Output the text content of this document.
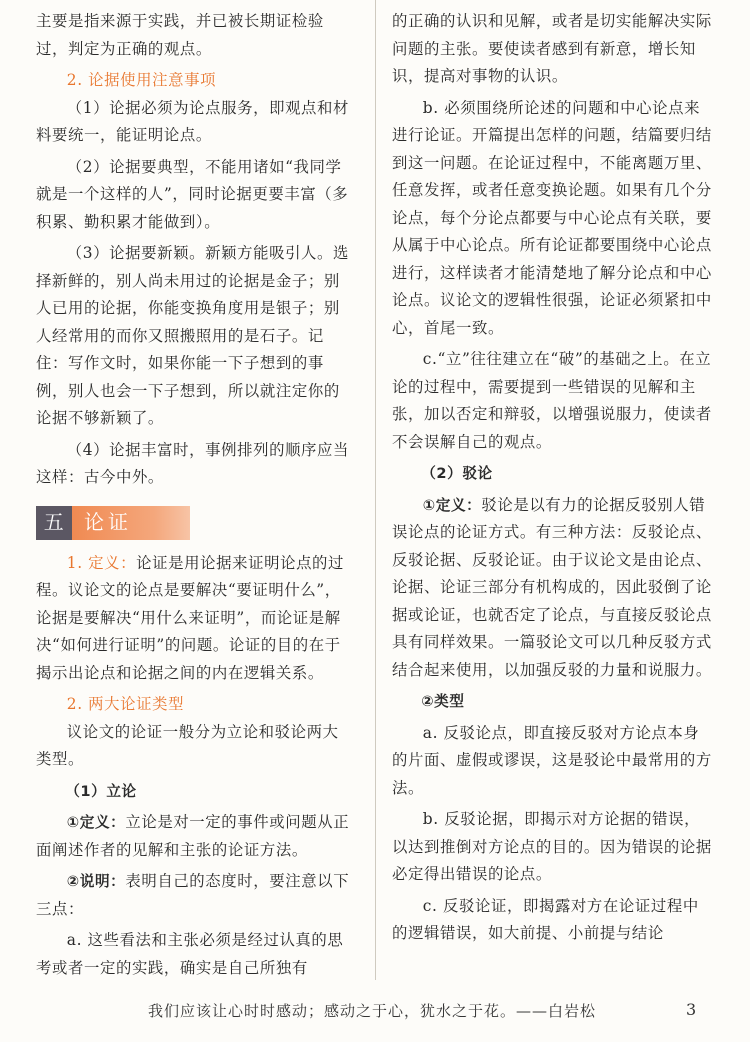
主要是指来源于实践，并已被长期证检验过，判定为正确的观点。

2. 论据使用注意事项

（1）论据必须为论点服务，即观点和材料要统一，能证明论点。

（2）论据要典型，不能用诸如“我同学就是一个这样的人”，同时论据更要丰富（多积累、勤积累才能做到）。

（3）论据要新颖。新颖方能吸引人。选择新鲜的，别人尚未用过的论据是金子；别人已用的论据，你能变换角度用是银子；别人经常用的而你又照搬照用的是石子。记住：写作文时，如果你能一下子想到的事例，别人也会一下子想到，所以就注定你的论据不够新颖了。

（4）论据丰富时，事例排列的顺序应当这样：古今中外。

五 论证

1. 定义：论证是用论据来证明论点的过程。议论文的论点是要解决“要证明什么”，论据是要解决“用什么来证明”，而论证是解决“如何进行证明”的问题。论证的目的在于揭示出论点和论据之间的内在逻辑关系。

2. 两大论证类型

议论文的论证一般分为立论和驳论两大类型。

（1）立论

①定义：立论是对一定的事件或问题从正面阐述作者的见解和主张的论证方法。

②说明：表明自己的态度时，要注意以下三点：

a. 这些看法和主张必须是经过认真的思考或者一定的实践，确实是自己所独有

的正确的认识和见解，或者是切实能解决实际问题的主张。要使读者感到有新意，增长知识，提高对事物的认识。

b. 必须围绕所论述的问题和中心论点来进行论证。开篇提出怎样的问题，结篇要归结到这一问题。在论证过程中，不能离题万里、任意发挥，或者任意变换论题。如果有几个分论点，每个分论点都要与中心论点有关联，要从属于中心论点。所有论证都要围绕中心论点进行，这样读者才能清楚地了解分论点和中心论点。议论文的逻辑性很强，论证必须紧扣中心，首尾一致。

c.“立”往往建立在“破”的基础之上。在立论的过程中，需要提到一些错误的见解和主张，加以否定和辩驳，以增强说服力，使读者不会误解自己的观点。

（2）驳论

①定义：驳论是以有力的论据反驳别人错误论点的论证方式。有三种方法：反驳论点、反驳论据、反驳论证。由于议论文是由论点、论据、论证三部分有机构成的，因此驳倒了论据或论证，也就否定了论点，与直接反驳论点具有同样效果。一篇驳论文可以几种反驳方式结合起来使用，以加强反驳的力量和说服力。

②类型

a. 反驳论点，即直接反驳对方论点本身的片面、虚假或谬误，这是驳论中最常用的方法。

b. 反驳论据，即揭示对方论据的错误，以达到推倒对方论点的目的。因为错误的论据必定得出错误的论点。

c. 反驳论证，即揭露对方在论证过程中的逻辑错误，如大前提、小前提与结论

我们应该让心时时感动；感动之于心，犹水之于花。——白岩松	3
